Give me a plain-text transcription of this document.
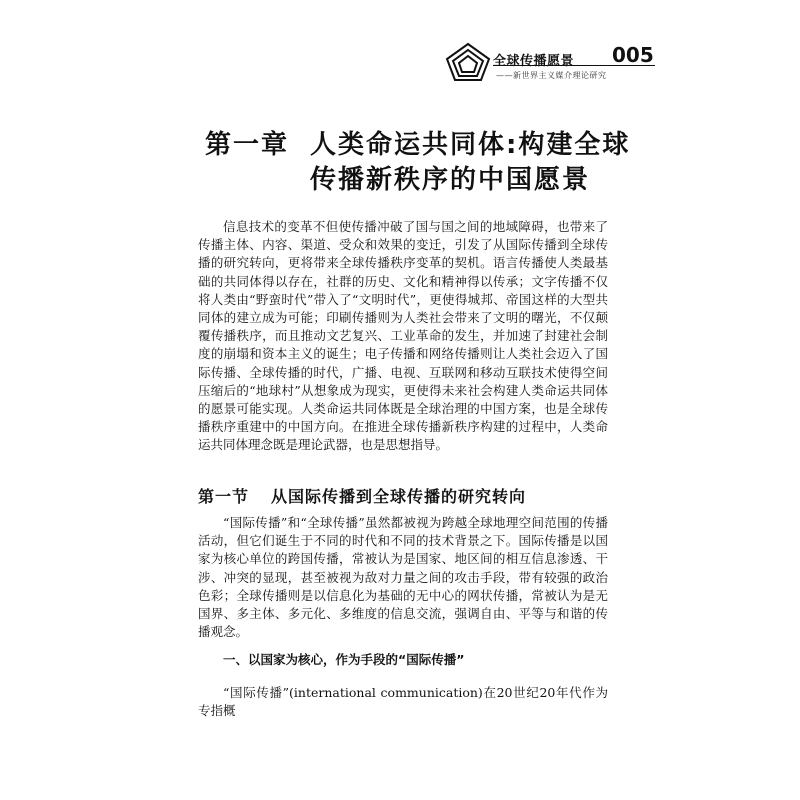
全球传播愿景 005
——新世界主义媒介理论研究
第一章 人类命运共同体:构建全球
传播新秩序的中国愿景

信息技术的变革不但使传播冲破了国与国之间的地域障碍，也带来了传播主体、内容、渠道、受众和效果的变迁，引发了从国际传播到全球传播的研究转向，更将带来全球传播秩序变革的契机。语言传播使人类最基础的共同体得以存在，社群的历史、文化和精神得以传承；文字传播不仅将人类由“野蛮时代”带入了“文明时代”，更使得城邦、帝国这样的大型共同体的建立成为可能；印刷传播则为人类社会带来了文明的曙光，不仅颠覆传播秩序，而且推动文艺复兴、工业革命的发生，并加速了封建社会制度的崩塌和资本主义的诞生；电子传播和网络传播则让人类社会迈入了国际传播、全球传播的时代，广播、电视、互联网和移动互联技术使得空间压缩后的“地球村”从想象成为现实，更使得未来社会构建人类命运共同体的愿景可能实现。人类命运共同体既是全球治理的中国方案，也是全球传播秩序重建中的中国方向。在推进全球传播新秩序构建的过程中，人类命运共同体理念既是理论武器，也是思想指导。

第一节 从国际传播到全球传播的研究转向

“国际传播”和“全球传播”虽然都被视为跨越全球地理空间范围的传播活动，但它们诞生于不同的时代和不同的技术背景之下。国际传播是以国家为核心单位的跨国传播，常被认为是国家、地区间的相互信息渗透、干涉、冲突的显现，甚至被视为敌对力量之间的攻击手段，带有较强的政治色彩；全球传播则是以信息化为基础的无中心的网状传播，常被认为是无国界、多主体、多元化、多维度的信息交流，强调自由、平等与和谐的传播观念。

一、以国家为核心，作为手段的“国际传播”

“国际传播”(international communication)在20世纪20年代作为专指概
